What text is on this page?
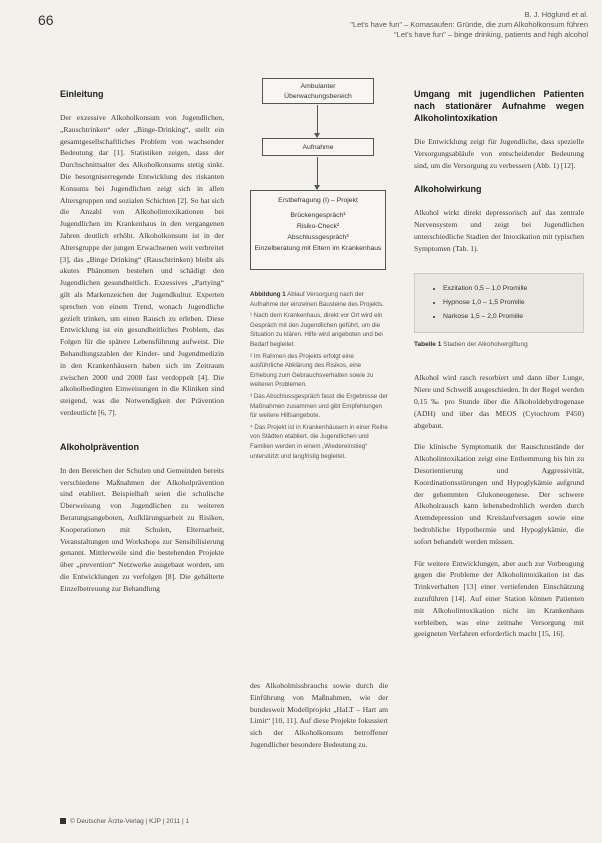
66	B. J. Höglund et al.
"Let's have fun" – Komasaufen: Gründe, die zum Alkoholkonsum führen
"Let's have fun" – binge drinking, patients and high alcohol
Einleitung

Der exzessive Alkoholkonsum von Jugendlichen, „Rauschtrinken“ oder „Binge-Drinking“, stellt ein gesamtgesellschaftliches Problem von wachsender Bedeutung dar [1]. Statistiken zeigen, dass der Durchschnittsalter des Alkoholkonsums stetig sinkt. Die besorgniserregende Entwicklung des riskanten Konsums bei Jugendlichen zeigt sich in allen Altersgruppen und sozialen Schichten [2]. So hat sich die Anzahl von Alkoholintoxikationen bei Jugendlichen im Krankenhaus in den vergangenen Jahren deutlich erhöht. Alkoholkonsum ist in der Altersgruppe der jungen Erwachsenen weit verbreitet [3], das „Binge Drinking“ (Rauschtrinken) bleibt als akutes Phänomen bestehen und schädigt den Jugendlichen gesundheitlich. Exzessives „Partying“ gilt als Markenzeichen der Jugendkultur. Experten sprechen von einem Trend, wonach Jugendliche gezielt trinken, um einen Rausch zu erleben. Diese Entwicklung ist ein gesundheitliches Problem, das Folgen für die spätere Lebensführung aufweist. Die Behandlungszahlen der Kinder- und Jugendmedizin in den Krankenhäusern haben sich im Zeitraum zwischen 2000 und 2008 fast verdoppelt [4]. Die alkoholbedingten Einweisungen in die Kliniken sind steigend, was die Notwendigkeit der Prävention verdeutlicht [6, 7].

Alkoholprävention

In den Bereichen der Schulen und Gemeinden bereits verschiedene Maßnahmen der Alkoholprävention sind etabliert. Beispielhaft seien die schulische Überweisung von Jugendlichen zu weiteren Beratungsangeboten, Aufklärungsarbeit zu Risiken, Kooperationen mit Schulen, Elternarbeit, Veranstaltungen und Workshops zur Sensibilisierung genannt. Mittlerweile sind die bestehenden Projekte über „prevention“ Netzwerke ausgebaut worden, um die Entwicklungen zu verfolgen [8]. Die gehälterte Einzelbetreuung zur Behandlung

Ambulanter
Überwachungsbereich
Aufnahme
Erstbefragung (I) – Projekt
Brückengespräch¹
Risiko-Check²
Abschlussgespräch³
Einzelberatung mit Eltern im Krankenhaus

Abbildung 1 Ablauf Versorgung nach der Aufnahme der einzelnen Bausteine des Projekts.

¹ Nach dem Krankenhaus, direkt vor Ort wird ein Gespräch mit den Jugendlichen geführt, um die Situation zu klären. Hilfe wird angeboten und bei Bedarf begleitet.

² Im Rahmen des Projekts erfolgt eine ausführliche Abklärung des Risikos, eine Erhebung zum Gebrauchsverhalten sowie zu weiteren Problemen.

³ Das Abschlussgespräch fasst die Ergebnisse der Maßnahmen zusammen und gibt Empfehlungen für weitere Hilfsangebote.

⁴ Das Projekt ist in Krankenhäusern in einer Reihe von Städten etabliert, die Jugendlichen und Familien werden in einem „Wiedereinstieg“ unterstützt und langfristig begleitet.

des Alkoholmissbrauchs sowie durch die Einführung von Maßnahmen, wie der bundesweit Modellprojekt „HaLT – Hart am Limit“ [10, 11]. Auf diese Projekte fokussiert sich der Alkoholkonsum betroffener Jugendlicher besondere Bedeutung zu.

Umgang mit jugendlichen Patienten nach stationärer Aufnahme wegen Alkoholintoxikation

Die Entwicklung zeigt für Jugendliche, dass spezielle Versorgungsabläufe von entscheidender Bedeutung sind, um die Versorgung zu verbessern (Abb. 1) [12].

Alkoholwirkung

Alkohol wirkt direkt depressorisch auf das zentrale Nervensystem und zeigt bei Jugendlichen unterschiedliche Stadien der Intoxikation mit typischen Symptomen (Tab. 1).

• Exzitation 0,5 – 1,0 Promille
• Hypnose 1,0 – 1,5 Promille
• Narkose 1,5 – 2,0 Promille
Tabelle 1 Stadien der Alkoholvergiftung

Alkohol wird rasch resorbiert und dann über Lunge, Niere und Schweiß ausgeschieden. In der Regel werden 0,15 ‰ pro Stunde über die Alkoholdehydrogenase (ADH) und über das MEOS (Cytochrom P450) abgebaut.

Die klinische Symptomatik der Rauschzustände der Alkoholintoxikation zeigt eine Enthemmung bis hin zu Desorientierung und Aggressivität, Koordinationsstörungen und Hypoglykämie aufgrund der gehemmten Glukoneogenese. Der schwere Alkoholrausch kann lebensbedrohlich werden durch Atemdepression und Kreislaufversagen sowie eine bedrohliche Hypothermie und Hypoglykämie, die sofort behandelt werden müssen.

Für weitere Entwicklungen, aber auch zur Vorbeugung gegen die Probleme der Alkoholintoxikation ist das Trinkverhalten [13] einer vertiefenden Einschätzung zuzuführen [14]. Auf einer Station können Patienten mit Alkoholintoxikation nicht im Krankenhaus verbleiben, was eine zeitnahe Versorgung mit geeigneten Verfahren erforderlich macht [15, 16].

© Deutscher Ärzte-Verlag | KJP | 2011 | 1
